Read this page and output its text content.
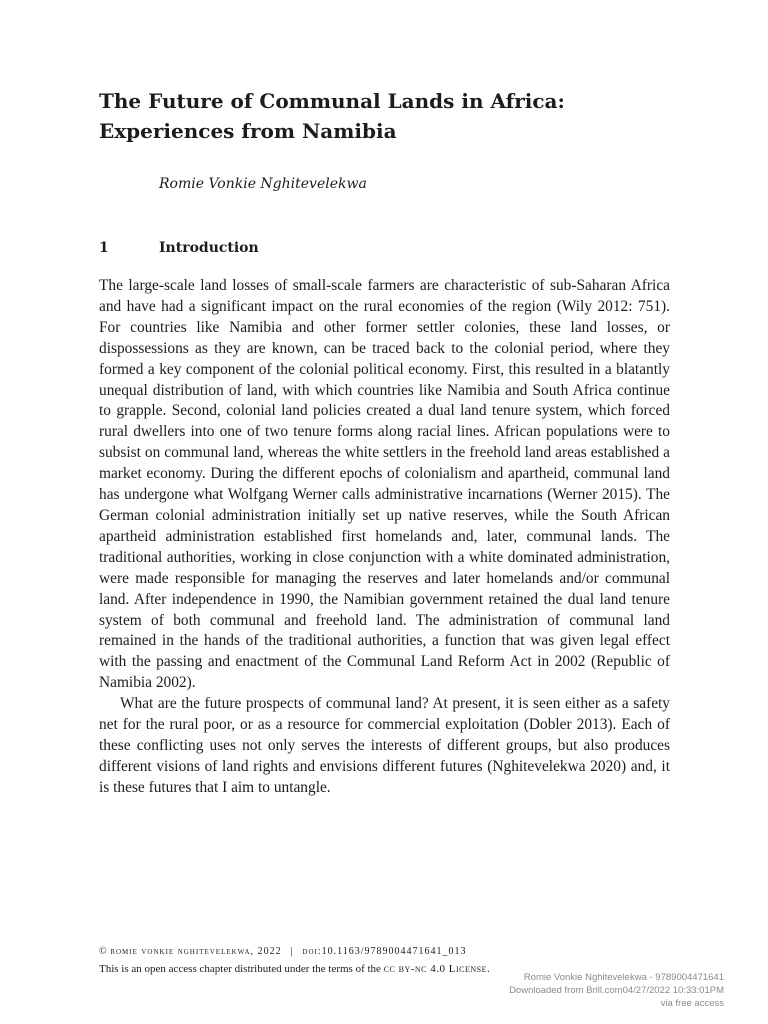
The Future of Communal Lands in Africa:
Experiences from Namibia
Romie Vonkie Nghitevelekwa
1	Introduction

The large-scale land losses of small-scale farmers are characteristic of sub-Saharan Africa and have had a significant impact on the rural economies of the region (Wily 2012: 751). For countries like Namibia and other former settler colonies, these land losses, or dispossessions as they are known, can be traced back to the colonial period, where they formed a key component of the colonial political economy. First, this resulted in a blatantly unequal distribution of land, with which countries like Namibia and South Africa continue to grapple. Second, colonial land policies created a dual land tenure system, which forced rural dwellers into one of two tenure forms along racial lines. African populations were to subsist on communal land, whereas the white settlers in the freehold land areas established a market economy. During the different epochs of colonialism and apartheid, communal land has undergone what Wolfgang Werner calls administrative incarnations (Werner 2015). The German colonial administration initially set up native reserves, while the South African apartheid administration established first homelands and, later, communal lands. The traditional authorities, working in close conjunction with a white dominated administration, were made responsible for managing the reserves and later homelands and/or communal land. After independence in 1990, the Namibian government retained the dual land tenure system of both communal and freehold land. The administration of communal land remained in the hands of the traditional authorities, a function that was given legal effect with the passing and enactment of the Communal Land Reform Act in 2002 (Republic of Namibia 2002).

What are the future prospects of communal land? At present, it is seen either as a safety net for the rural poor, or as a resource for commercial exploitation (Dobler 2013). Each of these conflicting uses not only serves the interests of different groups, but also produces different visions of land rights and envisions different futures (Nghitevelekwa 2020) and, it is these futures that I aim to untangle.

© romie vonkie nghitevelekwa, 2022 | doi:10.1163/9789004471641_013
This is an open access chapter distributed under the terms of the cc by-nc 4.0 License.
Romie Vonkie Nghitevelekwa - 9789004471641
Downloaded from Brill.com04/27/2022 10:33:01PM
via free access
